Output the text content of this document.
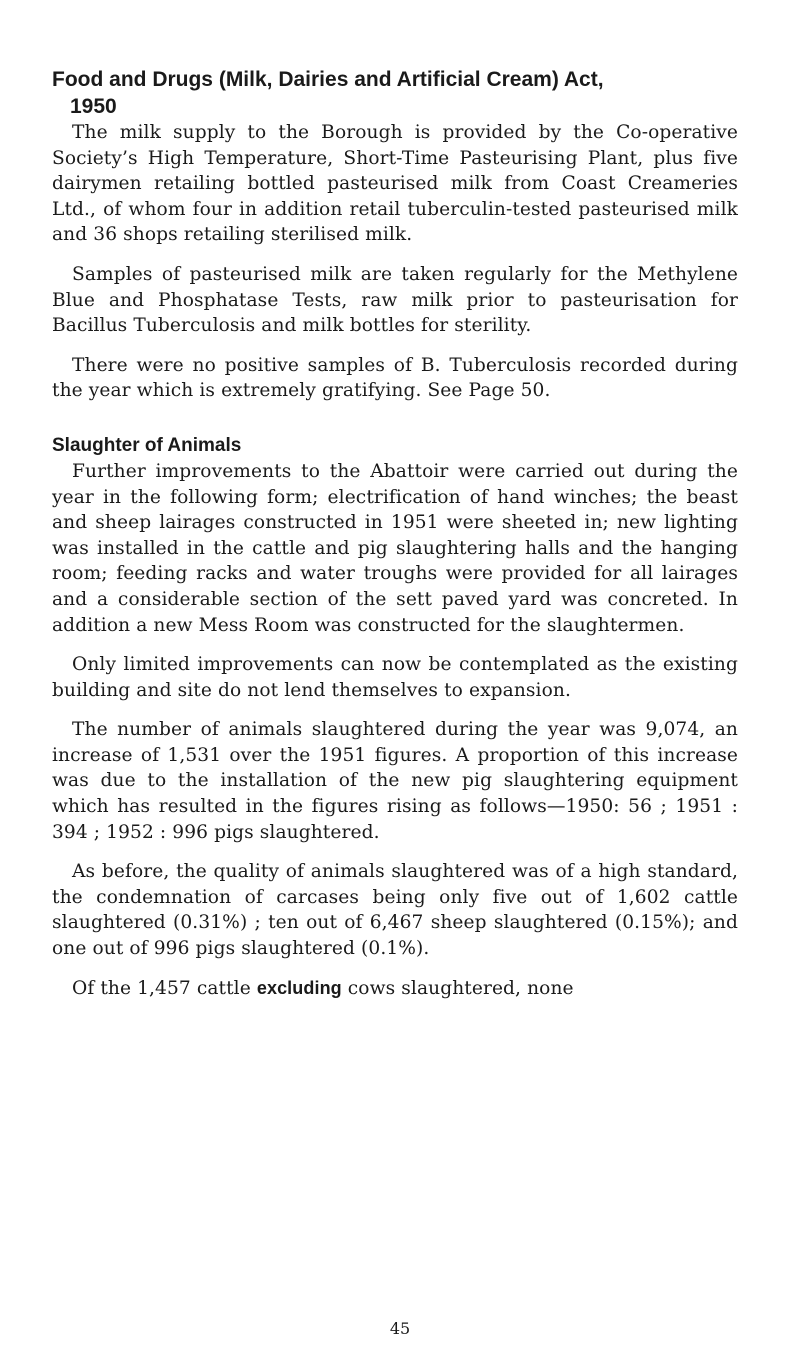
Food and Drugs (Milk, Dairies and Artificial Cream) Act,
1950

The milk supply to the Borough is provided by the Co-operative Society’s High Temperature, Short-Time Pasteurising Plant, plus five dairymen retailing bottled pasteurised milk from Coast Creameries Ltd., of whom four in addition retail tuberculin-tested pasteurised milk and 36 shops retailing sterilised milk.

Samples of pasteurised milk are taken regularly for the Methylene Blue and Phosphatase Tests, raw milk prior to pasteurisation for Bacillus Tuberculosis and milk bottles for sterility.

There were no positive samples of B. Tuberculosis recorded during the year which is extremely gratifying. See Page 50.

Slaughter of Animals

Further improvements to the Abattoir were carried out during the year in the following form; electrification of hand winches; the beast and sheep lairages constructed in 1951 were sheeted in; new lighting was installed in the cattle and pig slaughtering halls and the hanging room; feeding racks and water troughs were provided for all lairages and a considerable section of the sett paved yard was concreted. In addition a new Mess Room was constructed for the slaughtermen.

Only limited improvements can now be contemplated as the existing building and site do not lend themselves to expansion.

The number of animals slaughtered during the year was 9,074, an increase of 1,531 over the 1951 figures. A proportion of this increase was due to the installation of the new pig slaughtering equipment which has resulted in the figures rising as follows—1950: 56 ; 1951 : 394 ; 1952 : 996 pigs slaughtered.

As before, the quality of animals slaughtered was of a high standard, the condemnation of carcases being only five out of 1,602 cattle slaughtered (0.31%) ; ten out of 6,467 sheep slaughtered (0.15%); and one out of 996 pigs slaughtered (0.1%).

Of the 1,457 cattle excluding cows slaughtered, none

45
